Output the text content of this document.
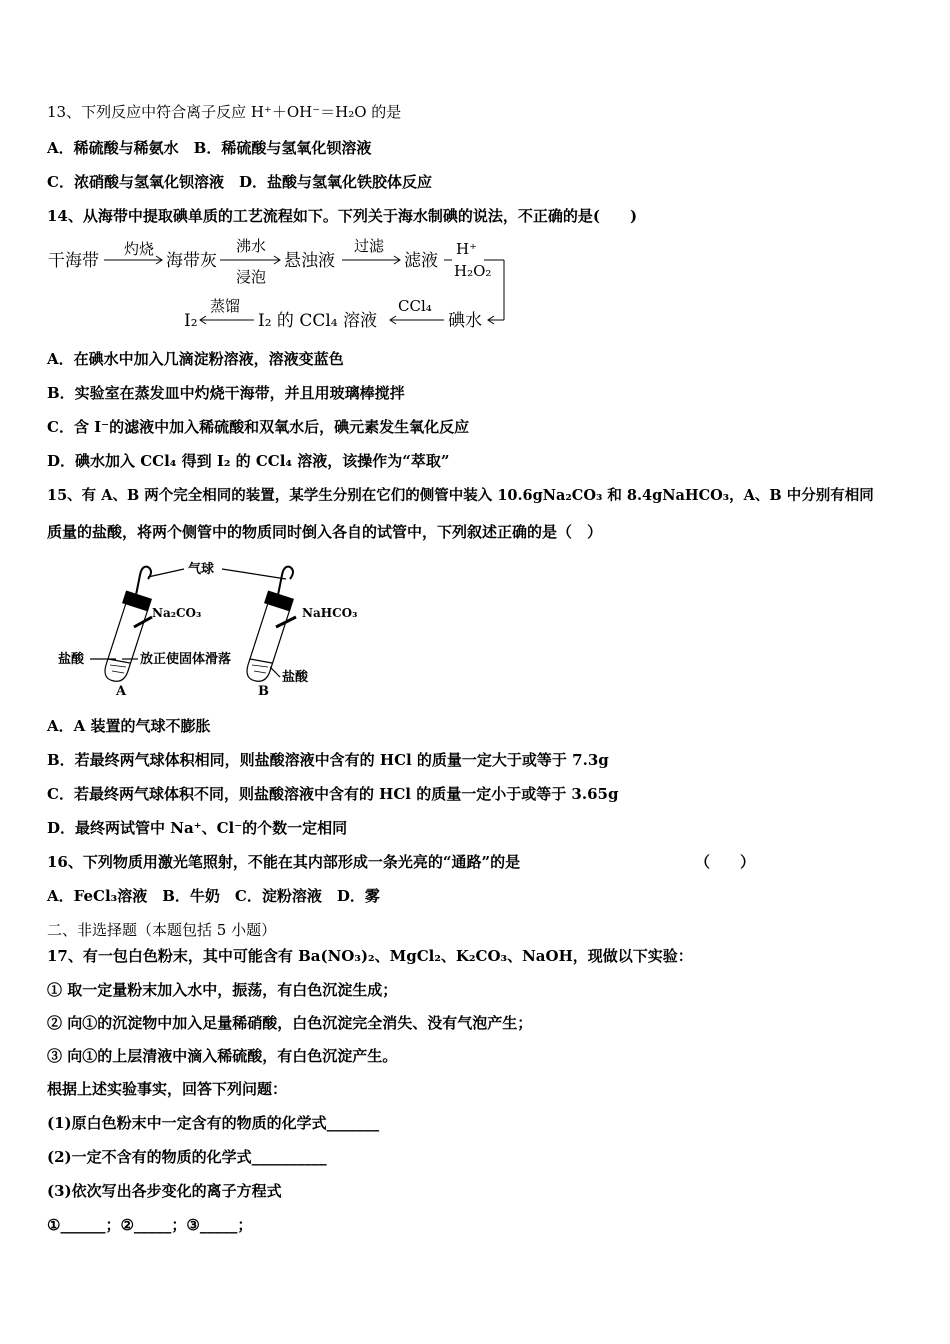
13、下列反应中符合离子反应 H⁺＋OH⁻＝H₂O 的是
A．稀硫酸与稀氨水　B．稀硫酸与氢氧化钡溶液
C．浓硝酸与氢氧化钡溶液　D．盐酸与氢氧化铁胶体反应
14、从海带中提取碘单质的工艺流程如下。下列关于海水制碘的说法，不正确的是(　　)
干海带
灼烧
海带灰
沸水
浸泡
悬浊液
过滤
滤液
H⁺
H₂O₂
碘水
CCl₄
I₂ 的 CCl₄ 溶液
蒸馏
I₂
A．在碘水中加入几滴淀粉溶液，溶液变蓝色
B．实验室在蒸发皿中灼烧干海带，并且用玻璃棒搅拌
C．含 I⁻的滤液中加入稀硫酸和双氧水后，碘元素发生氧化反应
D．碘水加入 CCl₄ 得到 I₂ 的 CCl₄ 溶液，该操作为“萃取”
15、有 A、B 两个完全相同的装置，某学生分别在它们的侧管中装入 10.6gNa₂CO₃ 和 8.4gNaHCO₃，A、B 中分别有相同
质量的盐酸，将两个侧管中的物质同时倒入各自的试管中，下列叙述正确的是（　）
气球
Na₂CO₃	NaHCO₃
盐酸	放正使固体滑落
盐酸
A	B
A．A 装置的气球不膨胀
B．若最终两气球体积相同，则盐酸溶液中含有的 HCl 的质量一定大于或等于 7.3g
C．若最终两气球体积不同，则盐酸溶液中含有的 HCl 的质量一定小于或等于 3.65g
D．最终两试管中 Na⁺、Cl⁻的个数一定相同
16、下列物质用激光笔照射，不能在其内部形成一条光亮的“通路”的是	（　　）
A．FeCl₃溶液　B．牛奶　C．淀粉溶液　D．雾
二、非选择题（本题包括 5 小题）
17、有一包白色粉末，其中可能含有 Ba(NO₃)₂、MgCl₂、K₂CO₃、NaOH，现做以下实验：
① 取一定量粉末加入水中，振荡，有白色沉淀生成；
② 向①的沉淀物中加入足量稀硝酸，白色沉淀完全消失、没有气泡产生；
③ 向①的上层清液中滴入稀硫酸，有白色沉淀产生。
根据上述实验事实，回答下列问题：
(1)原白色粉末中一定含有的物质的化学式_______
(2)一定不含有的物质的化学式__________
(3)依次写出各步变化的离子方程式
①______；②_____；③_____；
